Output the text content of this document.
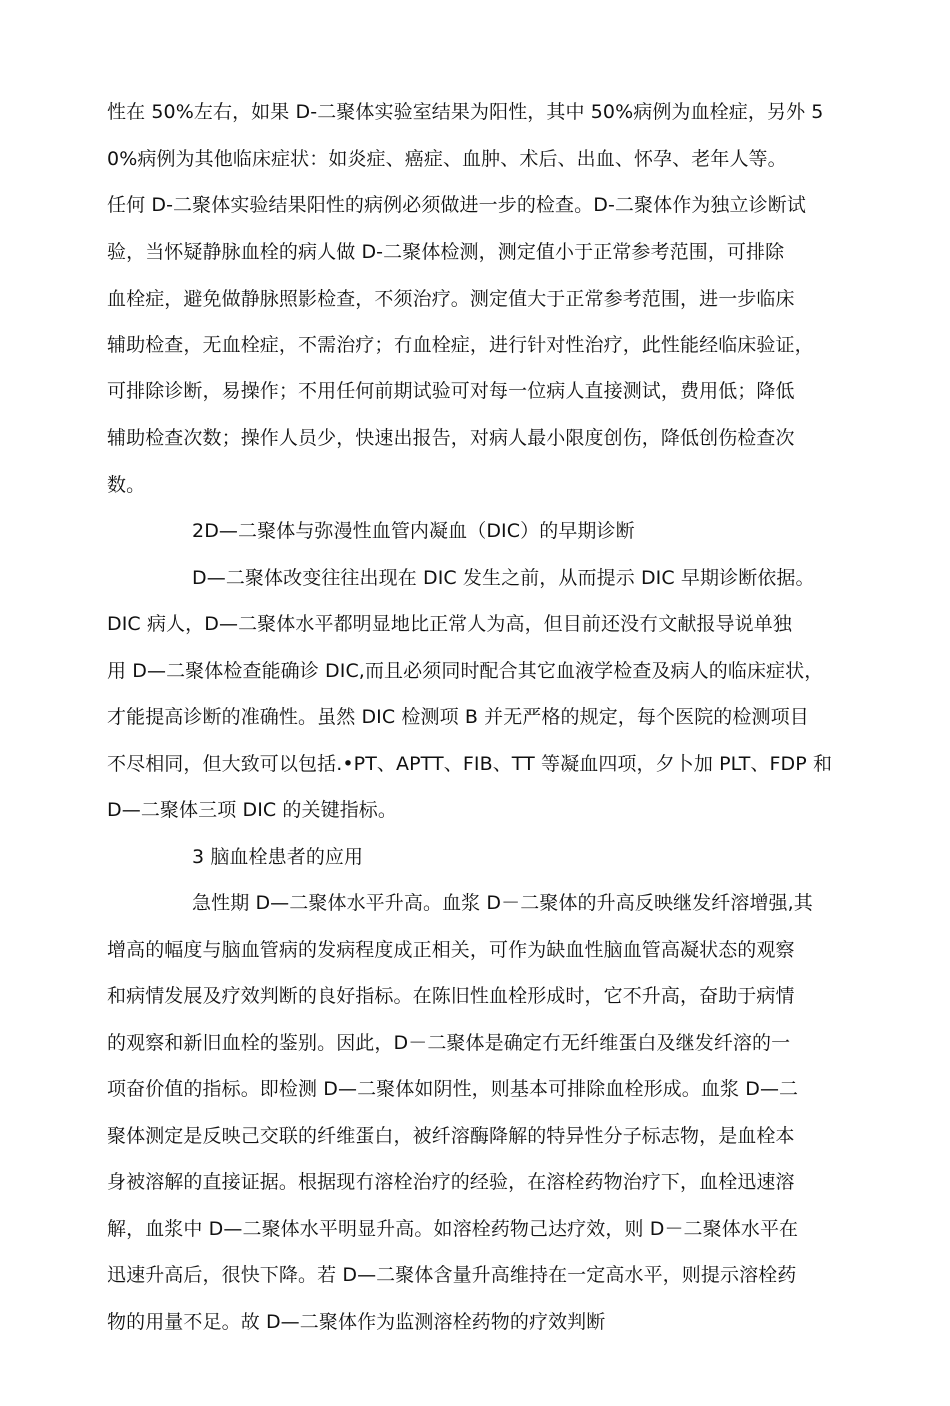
性在 50%左右，如果 D-二聚体实验室结果为阳性，其中 50%病例为血栓症，另外 5
0%病例为其他临床症状：如炎症、癌症、血肿、术后、出血、怀孕、老年人等。
任何 D-二聚体实验结果阳性的病例必须做进一步的检查。D-二聚体作为独立诊断试
验，当怀疑静脉血栓的病人做 D-二聚体检测，测定值小于正常参考范围，可排除
血栓症，避免做静脉照影检查，不须治疗。测定值大于正常参考范围，进一步临床
辅助检查，无血栓症，不需治疗；冇血栓症，进行针对性治疗，此性能经临床验证，
可排除诊断，易操作；不用任何前期试验可对每一位病人直接测试，费用低；降低
辅助检查次数；操作人员少，快速出报告，对病人最小限度创伤，降低创伤检查次
数。
2D—二聚体与弥漫性血管内凝血（DIC）的早期诊断
D—二聚体改变往往出现在 DIC 发生之前，从而提示 DIC 早期诊断依据。
DIC 病人，D—二聚体水平都明显地比正常人为高，但目前还没冇文献报导说单独
用 D—二聚体检查能确诊 DIC,而且必须同时配合其它血液学检查及病人的临床症状，
才能提高诊断的准确性。虽然 DIC 检测项 B 并无严格的规定，每个医院的检测项目
不尽相同，但大致可以包括.•PT、APTT、FIB、TT 等凝血四项，夕卜加 PLT、FDP 和
D—二聚体三项 DIC 的关键指标。
3 脑血栓患者的应用
急性期 D—二聚体水平升高。血浆 D－二聚体的升高反映继发纤溶增强,其
增高的幅度与脑血管病的发病程度成正相关，可作为缺血性脑血管高凝状态的观察
和病情发展及疗效判断的良好指标。在陈旧性血栓形成时，它不升高，奋助于病情
的观察和新旧血栓的鉴别。因此，D－二聚体是确定冇无纤维蛋白及继发纤溶的一
项奋价值的指标。即检测 D—二聚体如阴性，则基本可排除血栓形成。血浆 D—二
聚体测定是反映己交联的纤维蛋白，被纤溶酶降解的特异性分子标志物，是血栓本
身被溶解的直接证据。根据现冇溶栓治疗的经验，在溶栓药物治疗下，血栓迅速溶
解，血浆中 D—二聚体水平明显升高。如溶栓药物己达疗效，则 D－二聚体水平在
迅速升高后，很快下降。若 D—二聚体含量升高维持在一定高水平，则提示溶栓药
物的用量不足。故 D—二聚体作为监测溶栓药物的疗效判断
